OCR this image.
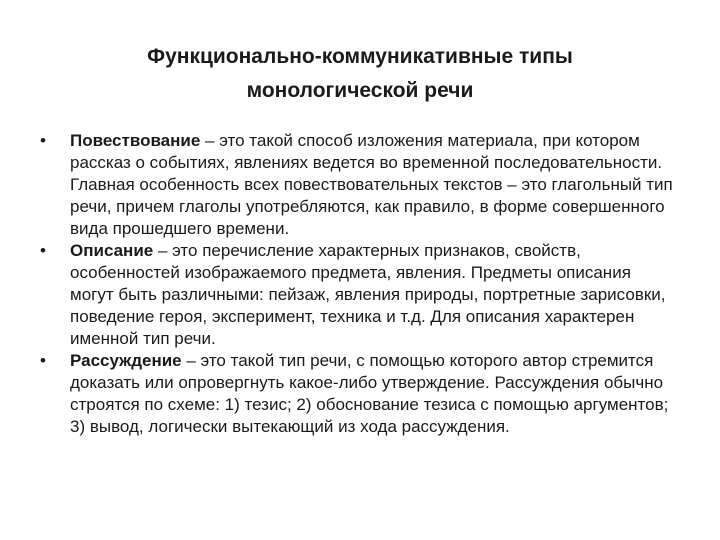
Функционально-коммуникативные типы
монологической речи
• Повествование – это такой способ изложения материала, при котором рассказ о событиях, явлениях ведется во временной последовательности. Главная особенность всех повествовательных текстов – это глагольный тип речи, причем глаголы употребляются, как правило, в форме совершенного вида прошедшего времени.
• Описание – это перечисление характерных признаков, свойств, особенностей изображаемого предмета, явления. Предметы описания могут быть различными: пейзаж, явления природы, портретные зарисовки, поведение героя, эксперимент, техника и т.д. Для описания характерен именной тип речи.
• Рассуждение – это такой тип речи, с помощью которого автор стремится доказать или опровергнуть какое-либо утверждение. Рассуждения обычно строятся по схеме: 1) тезис; 2) обоснование тезиса с помощью аргументов; 3) вывод, логически вытекающий из хода рассуждения.
